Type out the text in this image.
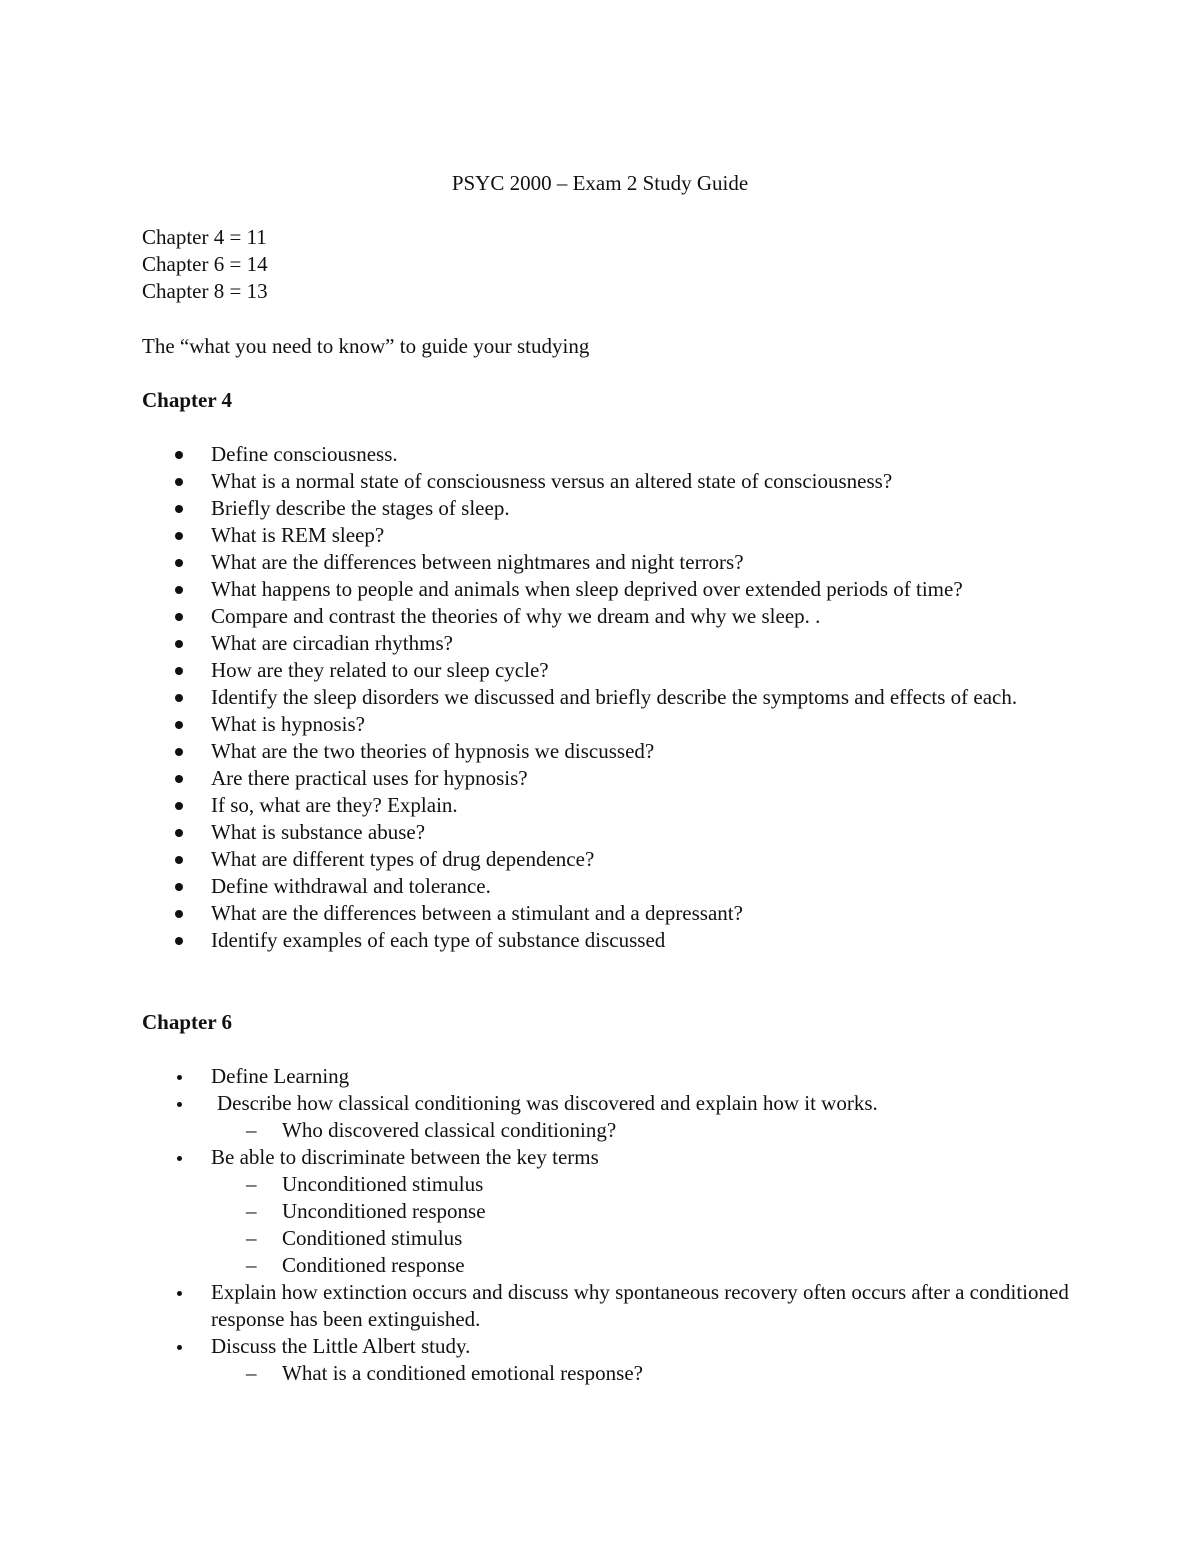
PSYC 2000 – Exam 2 Study Guide
Chapter 4 = 11
Chapter 6 = 14
Chapter 8 = 13
The “what you need to know” to guide your studying
Chapter 4
Define consciousness.
What is a normal state of consciousness versus an altered state of consciousness?
Briefly describe the stages of sleep.
What is REM sleep?
What are the differences between nightmares and night terrors?
What happens to people and animals when sleep deprived over extended periods of time?
Compare and contrast the theories of why we dream and why we sleep. .
What are circadian rhythms?
How are they related to our sleep cycle?
Identify the sleep disorders we discussed and briefly describe the symptoms and effects of each.
What is hypnosis?
What are the two theories of hypnosis we discussed?
Are there practical uses for hypnosis?
If so, what are they? Explain.
What is substance abuse?
What are different types of drug dependence?
Define withdrawal and tolerance.
What are the differences between a stimulant and a depressant?
Identify examples of each type of substance discussed
Chapter 6
Define Learning
Describe how classical conditioning was discovered and explain how it works.
– Who discovered classical conditioning?
Be able to discriminate between the key terms
– Unconditioned stimulus
– Unconditioned response
– Conditioned stimulus
– Conditioned response
Explain how extinction occurs and discuss why spontaneous recovery often occurs after a conditioned response has been extinguished.
Discuss the Little Albert study.
– What is a conditioned emotional response?
